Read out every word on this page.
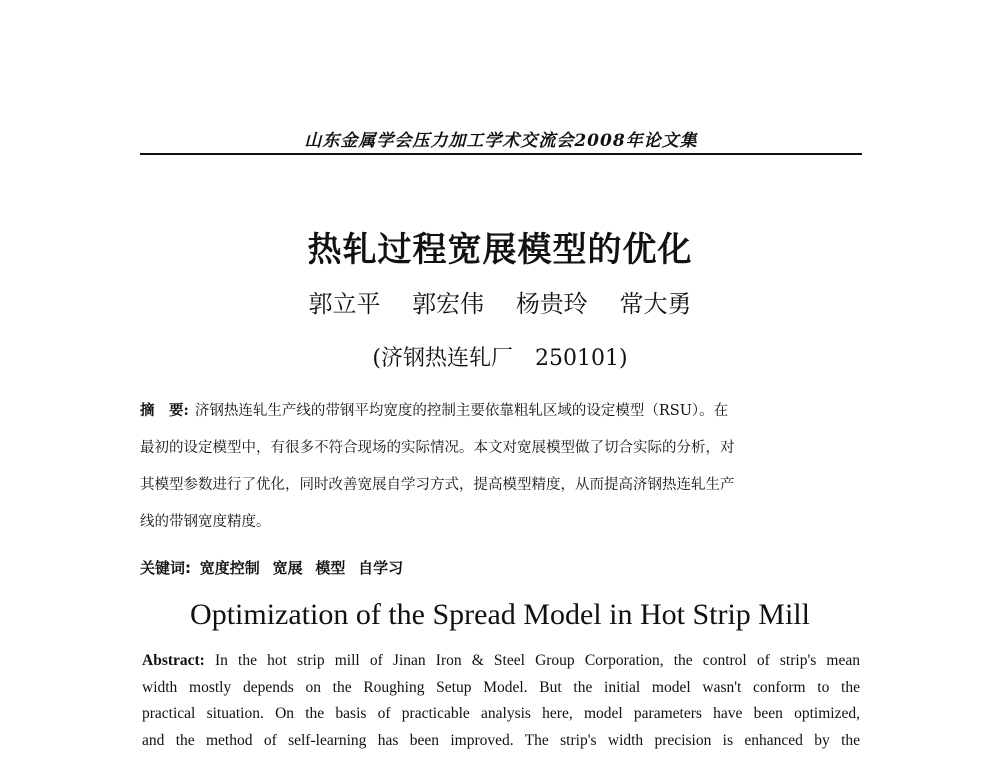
山东金属学会压力加工学术交流会2008年论文集
热轧过程宽展模型的优化
郭立平 郭宏伟 杨贵玲 常大勇
(济钢热连轧厂　250101)
摘　要: 济钢热连轧生产线的带钢平均宽度的控制主要依靠粗轧区域的设定模型（RSU）。在
最初的设定模型中，有很多不符合现场的实际情况。本文对宽展模型做了切合实际的分析，对
其模型参数进行了优化，同时改善宽展自学习方式，提高模型精度，从而提高济钢热连轧生产
线的带钢宽度精度。
关键词: 宽度控制 宽展 模型 自学习
Optimization of the Spread Model in Hot Strip Mill
Abstract: In the hot strip mill of Jinan Iron & Steel Group Corporation, the control of strip's mean
width mostly depends on the Roughing Setup Model. But the initial model wasn't conform to the
practical situation. On the basis of practicable analysis here, model parameters have been optimized,
and the method of self-learning has been improved. The strip's width precision is enhanced by the
